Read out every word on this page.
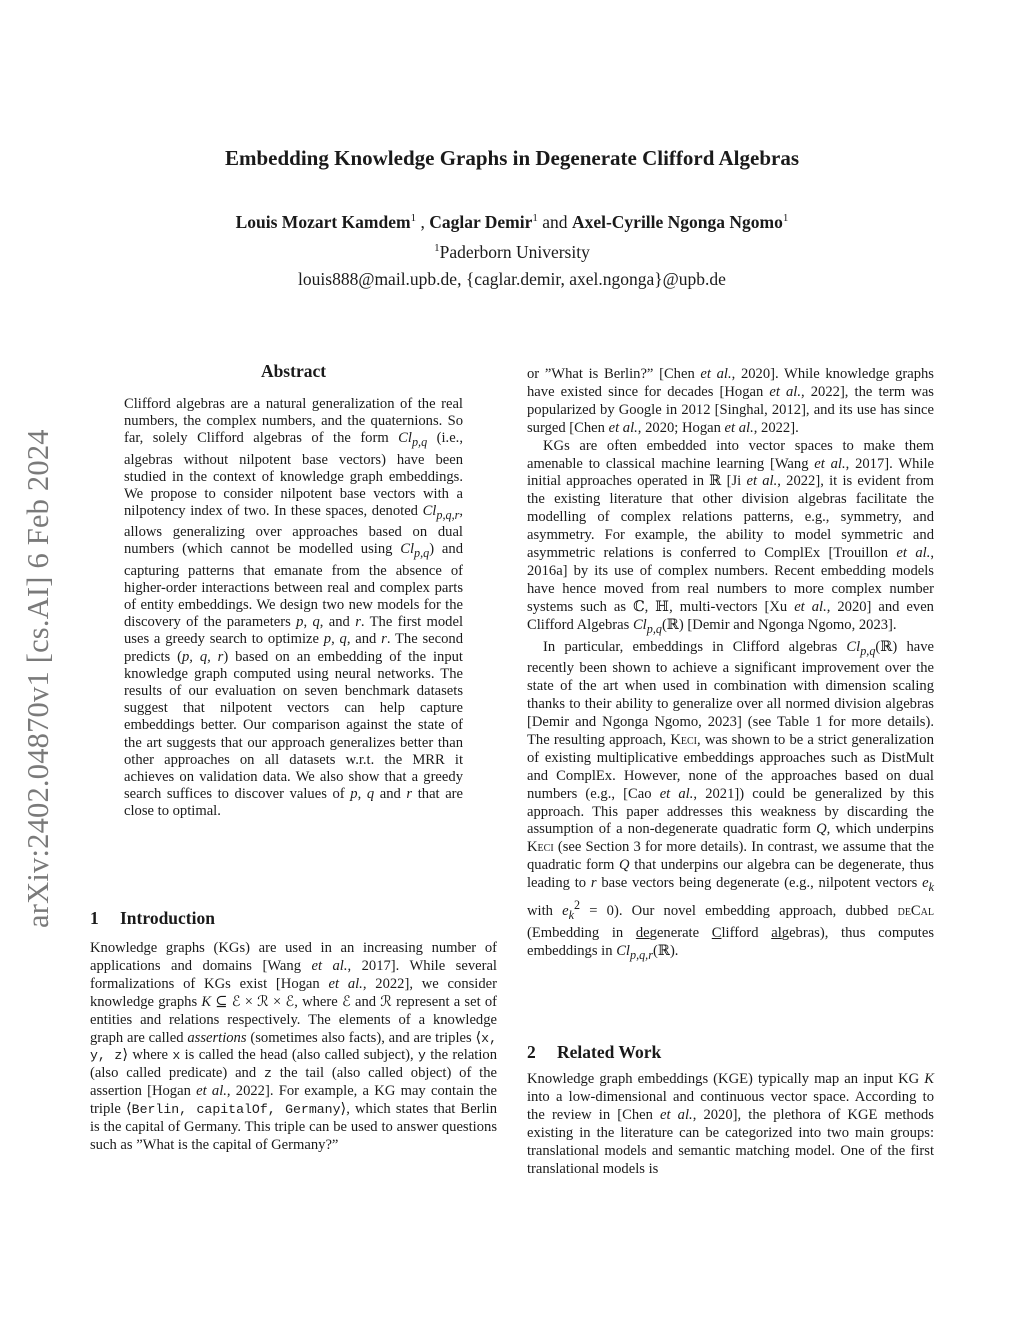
arXiv:2402.04870v1 [cs.AI] 6 Feb 2024
Embedding Knowledge Graphs in Degenerate Clifford Algebras
Louis Mozart Kamdem$^1$ , Caglar Demir$^1$ and Axel-Cyrille Ngonga Ngomo$^1$
$^1$Paderborn University
louis888@mail.upb.de, {caglar.demir, axel.ngonga}@upb.de
Abstract
Clifford algebras are a natural generalization of the real numbers, the complex numbers, and the quaternions. So far, solely Clifford algebras of the form $Cl_{p,q}$ (i.e., algebras without nilpotent base vectors) have been studied in the context of knowledge graph embeddings. We propose to consider nilpotent base vectors with a nilpotency index of two. In these spaces, denoted $Cl_{p,q,r}$, allows generalizing over approaches based on dual numbers (which cannot be modelled using $Cl_{p,q}$) and capturing patterns that emanate from the absence of higher-order interactions between real and complex parts of entity embeddings. We design two new models for the discovery of the parameters p, q, and r. The first model uses a greedy search to optimize p, q, and r. The second predicts (p, q, r) based on an embedding of the input knowledge graph computed using neural networks. The results of our evaluation on seven benchmark datasets suggest that nilpotent vectors can help capture embeddings better. Our comparison against the state of the art suggests that our approach generalizes better than other approaches on all datasets w.r.t. the MRR it achieves on validation data. We also show that a greedy search suffices to discover values of p, q and r that are close to optimal.
1 Introduction

Knowledge graphs (KGs) are used in an increasing number of applications and domains [Wang et al., 2017]. While several formalizations of KGs exist [Hogan et al., 2022], we consider knowledge graphs K ⊆ ℰ × ℛ × ℰ, where ℰ and ℛ represent a set of entities and relations respectively. The elements of a knowledge graph are called assertions (sometimes also facts), and are triples ⟨x, y, z⟩ where x is called the head (also called subject), y the relation (also called predicate) and z the tail (also called object) of the assertion [Hogan et al., 2022]. For example, a KG may contain the triple ⟨Berlin, capitalOf, Germany⟩, which states that Berlin is the capital of Germany. This triple can be used to answer questions such as ”What is the capital of Germany?”

or ”What is Berlin?” [Chen et al., 2020]. While knowledge graphs have existed since for decades [Hogan et al., 2022], the term was popularized by Google in 2012 [Singhal, 2012], and its use has since surged [Chen et al., 2020; Hogan et al., 2022].

KGs are often embedded into vector spaces to make them amenable to classical machine learning [Wang et al., 2017]. While initial approaches operated in ℝ [Ji et al., 2022], it is evident from the existing literature that other division algebras facilitate the modelling of complex relations patterns, e.g., symmetry, and asymmetry. For example, the ability to model symmetric and asymmetric relations is conferred to ComplEx [Trouillon et al., 2016a] by its use of complex numbers. Recent embedding models have hence moved from real numbers to more complex number systems such as ℂ, ℍ, multi-vectors [Xu et al., 2020] and even Clifford Algebras $Cl_{p,q}(ℝ)$ [Demir and Ngonga Ngomo, 2023].

In particular, embeddings in Clifford algebras $Cl_{p,q}(ℝ)$ have recently been shown to achieve a significant improvement over the state of the art when used in combination with dimension scaling thanks to their ability to generalize over all normed division algebras [Demir and Ngonga Ngomo, 2023] (see Table 1 for more details). The resulting approach, Keci, was shown to be a strict generalization of existing multiplicative embeddings approaches such as DistMult and ComplEx. However, none of the approaches based on dual numbers (e.g., [Cao et al., 2021]) could be generalized by this approach. This paper addresses this weakness by discarding the assumption of a non-degenerate quadratic form Q, which underpins Keci (see Section 3 for more details). In contrast, we assume that the quadratic form Q that underpins our algebra can be degenerate, thus leading to r base vectors being degenerate (e.g., nilpotent vectors $e_k$ with $e_k^2 = 0$). Our novel embedding approach, dubbed deCal (Embedding in degenerate Clifford algebras), thus computes embeddings in $Cl_{p,q,r}(ℝ)$.

2 Related Work

Knowledge graph embeddings (KGE) typically map an input KG K into a low-dimensional and continuous vector space. According to the review in [Chen et al., 2020], the plethora of KGE methods existing in the literature can be categorized into two main groups: translational models and semantic matching model. One of the first translational models is
